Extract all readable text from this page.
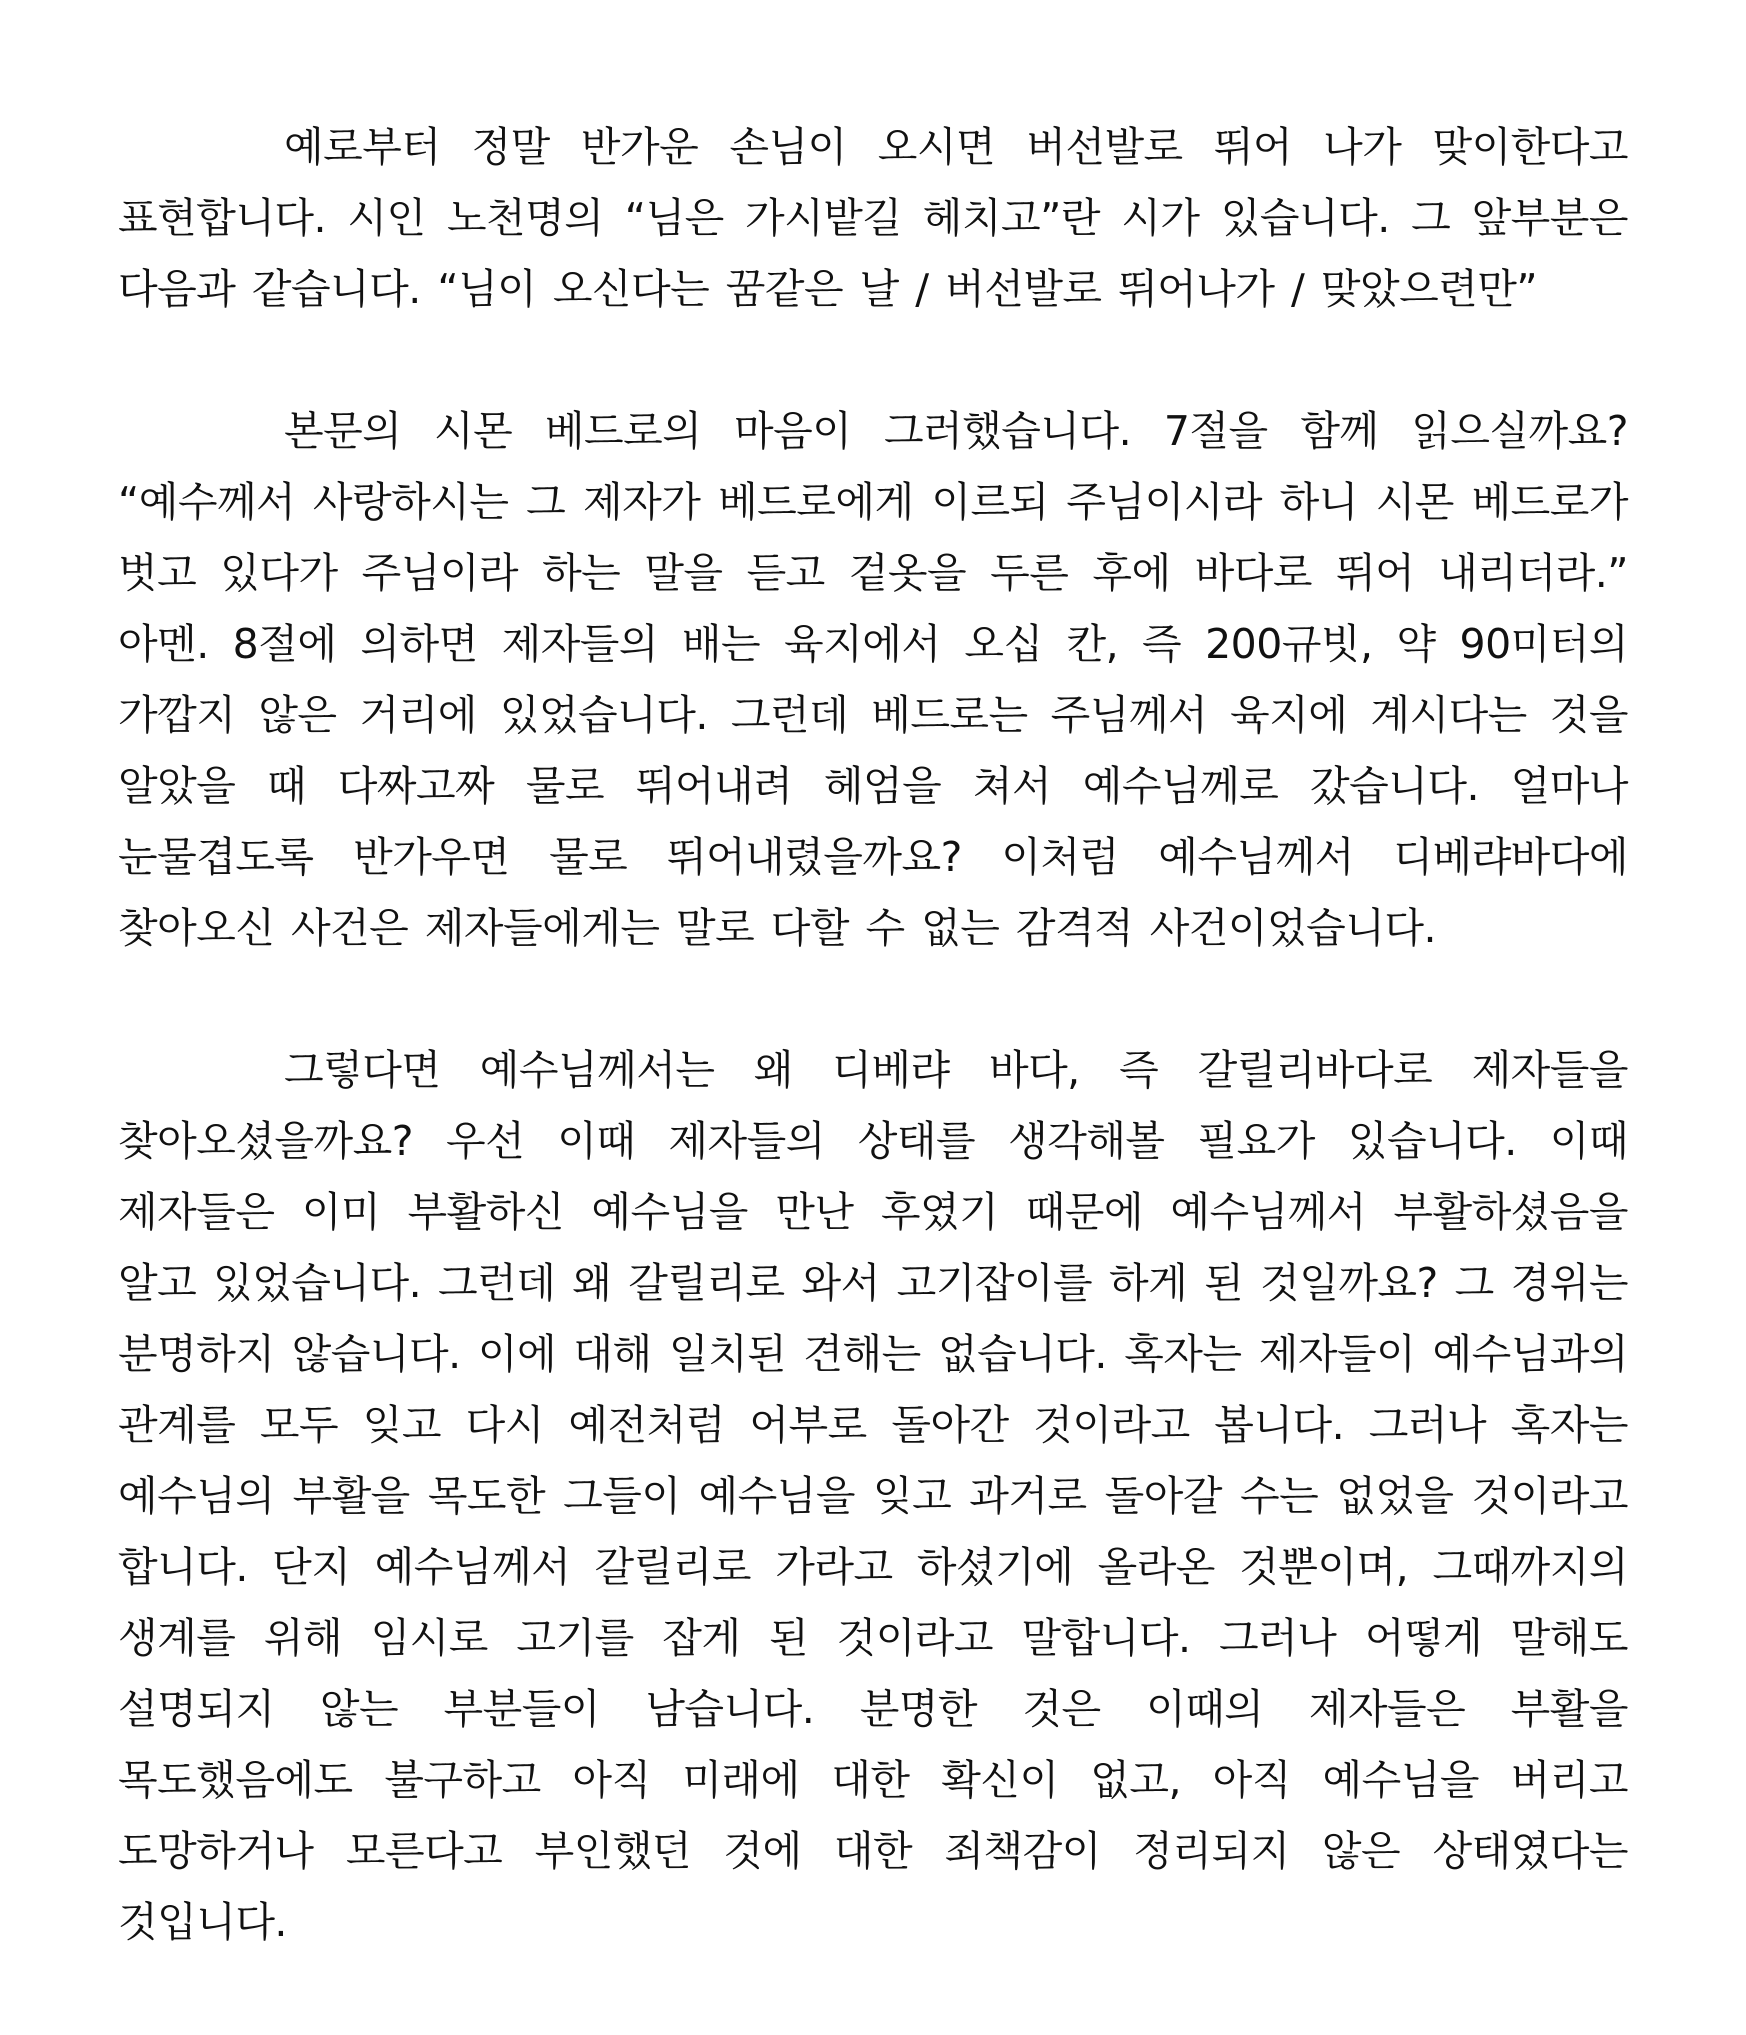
예로부터 정말 반가운 손님이 오시면 버선발로 뛰어 나가 맞이한다고 표현합니다. 시인 노천명의 “님은 가시밭길 헤치고”란 시가 있습니다. 그 앞부분은 다음과 같습니다. “님이 오신다는 꿈같은 날 / 버선발로 뛰어나가 / 맞았으련만”

본문의 시몬 베드로의 마음이 그러했습니다. 7절을 함께 읽으실까요? “예수께서 사랑하시는 그 제자가 베드로에게 이르되 주님이시라 하니 시몬 베드로가 벗고 있다가 주님이라 하는 말을 듣고 겉옷을 두른 후에 바다로 뛰어 내리더라.” 아멘. 8절에 의하면 제자들의 배는 육지에서 오십 칸, 즉 200규빗, 약 90미터의 가깝지 않은 거리에 있었습니다. 그런데 베드로는 주님께서 육지에 계시다는 것을 알았을 때 다짜고짜 물로 뛰어내려 헤엄을 쳐서 예수님께로 갔습니다. 얼마나 눈물겹도록 반가우면 물로 뛰어내렸을까요? 이처럼 예수님께서 디베랴바다에 찾아오신 사건은 제자들에게는 말로 다할 수 없는 감격적 사건이었습니다.

그렇다면 예수님께서는 왜 디베랴 바다, 즉 갈릴리바다로 제자들을 찾아오셨을까요? 우선 이때 제자들의 상태를 생각해볼 필요가 있습니다. 이때 제자들은 이미 부활하신 예수님을 만난 후였기 때문에 예수님께서 부활하셨음을 알고 있었습니다. 그런데 왜 갈릴리로 와서 고기잡이를 하게 된 것일까요? 그 경위는 분명하지 않습니다. 이에 대해 일치된 견해는 없습니다. 혹자는 제자들이 예수님과의 관계를 모두 잊고 다시 예전처럼 어부로 돌아간 것이라고 봅니다. 그러나 혹자는 예수님의 부활을 목도한 그들이 예수님을 잊고 과거로 돌아갈 수는 없었을 것이라고 합니다. 단지 예수님께서 갈릴리로 가라고 하셨기에 올라온 것뿐이며, 그때까지의 생계를 위해 임시로 고기를 잡게 된 것이라고 말합니다. 그러나 어떻게 말해도 설명되지 않는 부분들이 남습니다. 분명한 것은 이때의 제자들은 부활을 목도했음에도 불구하고 아직 미래에 대한 확신이 없고, 아직 예수님을 버리고 도망하거나 모른다고 부인했던 것에 대한 죄책감이 정리되지 않은 상태였다는 것입니다.
